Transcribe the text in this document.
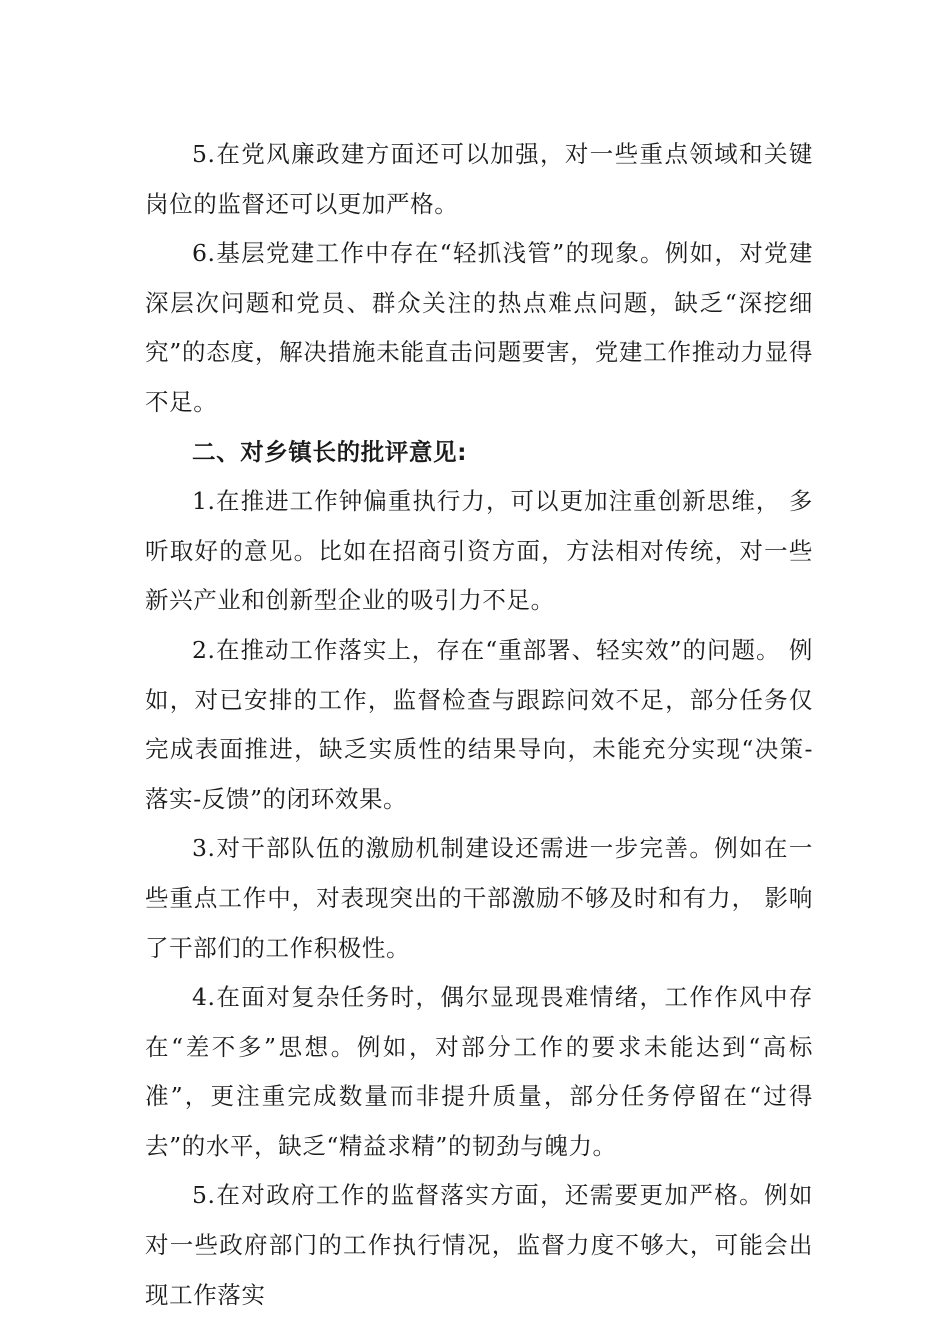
5.在党风廉政建方面还可以加强，对一些重点领域和关键岗位的监督还可以更加严格。

6.基层党建工作中存在“轻抓浅管”的现象。例如，对党建深层次问题和党员、群众关注的热点难点问题，缺乏“深挖细究”的态度，解决措施未能直击问题要害，党建工作推动力显得不足。

二、对乡镇长的批评意见:

1.在推进工作钟偏重执行力，可以更加注重创新思维， 多听取好的意见。比如在招商引资方面，方法相对传统，对一些新兴产业和创新型企业的吸引力不足。

2.在推动工作落实上，存在“重部署、轻实效”的问题。 例如，对已安排的工作，监督检查与跟踪问效不足，部分任务仅完成表面推进，缺乏实质性的结果导向，未能充分实现“决策-落实-反馈”的闭环效果。

3.对干部队伍的激励机制建设还需进一步完善。例如在一些重点工作中，对表现突出的干部激励不够及时和有力， 影响了干部们的工作积极性。

4.在面对复杂任务时，偶尔显现畏难情绪，工作作风中存在“差不多”思想。例如，对部分工作的要求未能达到“高标准”，更注重完成数量而非提升质量，部分任务停留在“过得去”的水平，缺乏“精益求精”的韧劲与魄力。

5.在对政府工作的监督落实方面，还需要更加严格。例如对一些政府部门的工作执行情况，监督力度不够大，可能会出现工作落实
